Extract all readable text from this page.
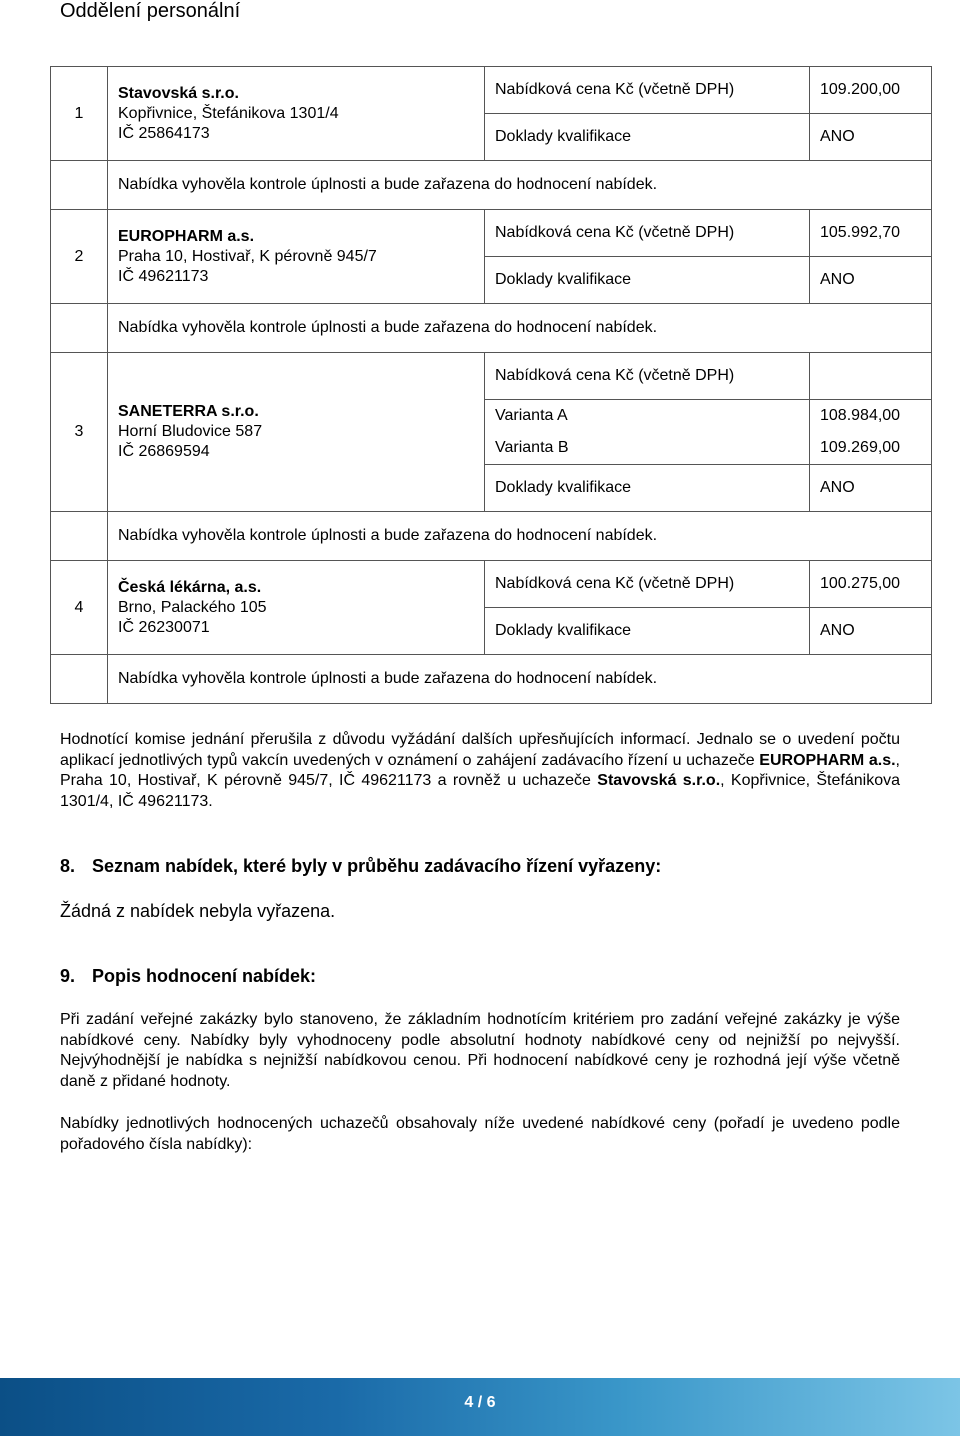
Oddělení personální
1	Stavovská s.r.o.
Kopřivnice, Štefánikova 1301/4
IČ 25864173	Nabídková cena Kč (včetně DPH)	109.200,00
		Doklady kvalifikace	ANO
	Nabídka vyhověla kontrole úplnosti a bude zařazena do hodnocení nabídek.		
2	EUROPHARM a.s.
Praha 10, Hostivař, K pérovně 945/7
IČ 49621173	Nabídková cena Kč (včetně DPH)	105.992,70
		Doklady kvalifikace	ANO
	Nabídka vyhověla kontrole úplnosti a bude zařazena do hodnocení nabídek.		
3	SANETERRA s.r.o.
Horní Bludovice 587
IČ 26869594	Nabídková cena Kč (včetně DPH)	
		Varianta A	108.984,00
		Varianta B	109.269,00
		Doklady kvalifikace	ANO
	Nabídka vyhověla kontrole úplnosti a bude zařazena do hodnocení nabídek.		
4	Česká lékárna, a.s.
Brno, Palackého 105
IČ 26230071	Nabídková cena Kč (včetně DPH)	100.275,00
		Doklady kvalifikace	ANO
	Nabídka vyhověla kontrole úplnosti a bude zařazena do hodnocení nabídek.		

Hodnotící komise jednání přerušila z důvodu vyžádání dalších upřesňujících informací. Jednalo se o uvedení počtu aplikací jednotlivých typů vakcín uvedených v oznámení o zahájení zadávacího řízení u uchazeče EUROPHARM a.s., Praha 10, Hostivař, K pérovně 945/7, IČ 49621173 a rovněž u uchazeče Stavovská s.r.o., Kopřivnice, Štefánikova 1301/4, IČ 49621173.

8. Seznam nabídek, které byly v průběhu zadávacího řízení vyřazeny:
Žádná z nabídek nebyla vyřazena.
9. Popis hodnocení nabídek:

Při zadání veřejné zakázky bylo stanoveno, že základním hodnotícím kritériem pro zadání veřejné zakázky je výše nabídkové ceny. Nabídky byly vyhodnoceny podle absolutní hodnoty nabídkové ceny od nejnižší po nejvyšší. Nejvýhodnější je nabídka s nejnižší nabídkovou cenou. Při hodnocení nabídkové ceny je rozhodná její výše včetně daně z přidané hodnoty.

Nabídky jednotlivých hodnocených uchazečů obsahovaly níže uvedené nabídkové ceny (pořadí je uvedeno podle pořadového čísla nabídky):

4 / 6
